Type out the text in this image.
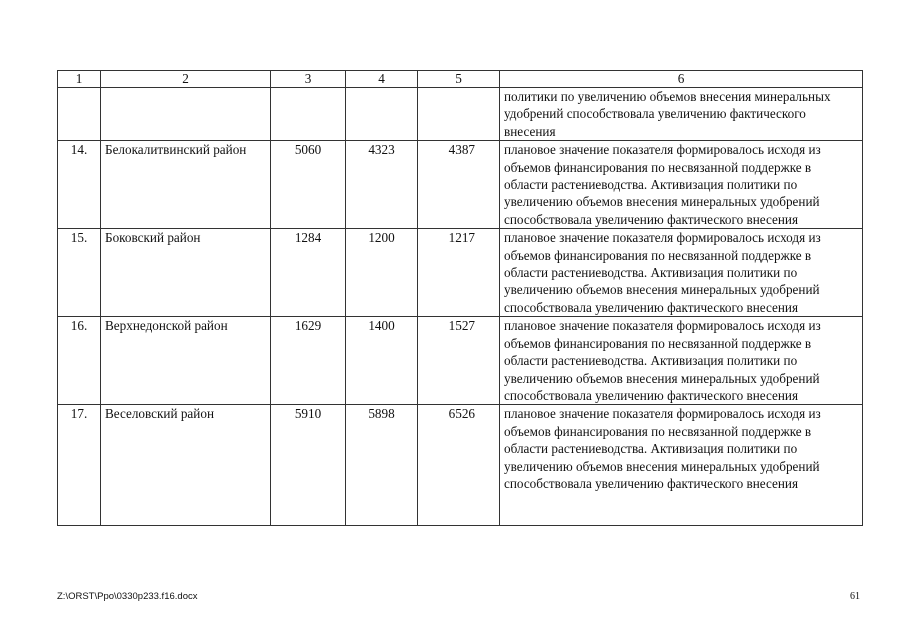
1	2	3	4	5	6
					политики по увеличению объемов внесения минеральных удобрений способствовала увеличению фактического внесения
14.	Белокалитвинский район	5060	4323	4387	плановое значение показателя формировалось исходя из объемов финансирования по несвязанной поддержке в области растениеводства. Активизация политики по увеличению объемов внесения минеральных удобрений способствовала увеличению фактического внесения
15.	Боковский район	1284	1200	1217	плановое значение показателя формировалось исходя из объемов финансирования по несвязанной поддержке в области растениеводства. Активизация политики по увеличению объемов внесения минеральных удобрений способствовала увеличению фактического внесения
16.	Верхнедонской район	1629	1400	1527	плановое значение показателя формировалось исходя из объемов финансирования по несвязанной поддержке в области растениеводства. Активизация политики по увеличению объемов внесения минеральных удобрений способствовала увеличению фактического внесения
17.	Веселовский район	5910	5898	6526	плановое значение показателя формировалось исходя из объемов финансирования по несвязанной поддержке в области растениеводства. Активизация политики по увеличению объемов внесения минеральных удобрений способствовала увеличению фактического внесения
Z:\ORST\Ppo\0330p233.f16.docx	61
